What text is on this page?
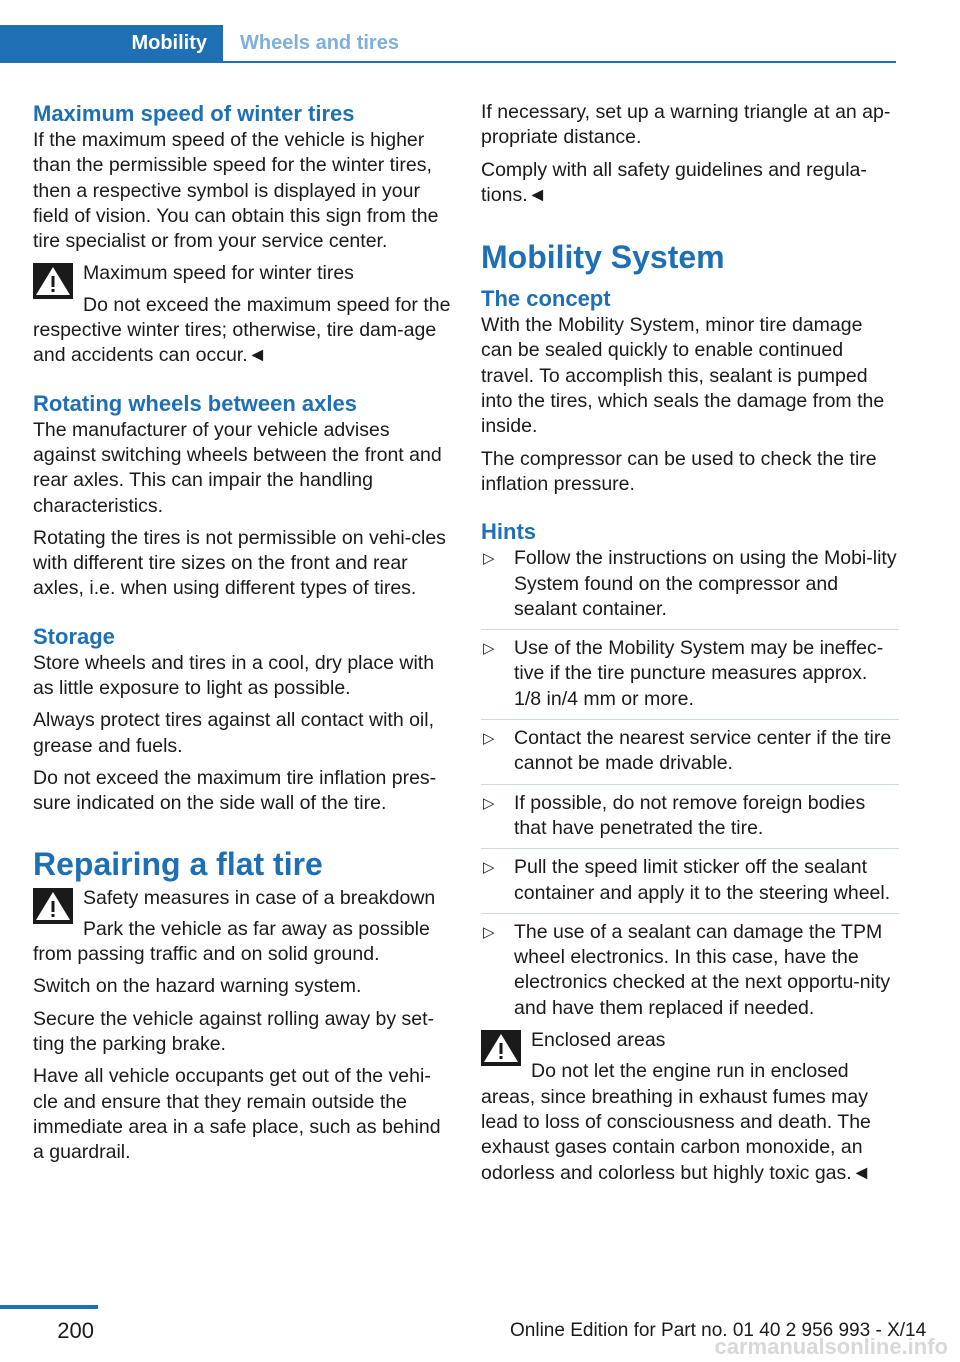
Mobility	Wheels and tires
Maximum speed of winter tires

If the maximum speed of the vehicle is higher than the permissible speed for the winter tires, then a respective symbol is displayed in your field of vision. You can obtain this sign from the tire specialist or from your service center.

Maximum speed for winter tires
Do not exceed the maximum speed for the respective winter tires; otherwise, tire dam-age and accidents can occur.◄
Rotating wheels between axles

The manufacturer of your vehicle advises against switching wheels between the front and rear axles. This can impair the handling characteristics.

Rotating the tires is not permissible on vehi-cles with different tire sizes on the front and rear axles, i.e. when using different types of tires.

Storage

Store wheels and tires in a cool, dry place with as little exposure to light as possible.

Always protect tires against all contact with oil, grease and fuels.

Do not exceed the maximum tire inflation pres-sure indicated on the side wall of the tire.

Repairing a flat tire
Safety measures in case of a breakdown
Park the vehicle as far away as possible from passing traffic and on solid ground.

Switch on the hazard warning system.

Secure the vehicle against rolling away by set-ting the parking brake.

Have all vehicle occupants get out of the vehi-cle and ensure that they remain outside the immediate area in a safe place, such as behind a guardrail.

If necessary, set up a warning triangle at an ap-propriate distance.

Comply with all safety guidelines and regula-tions.◄

Mobility System
The concept

With the Mobility System, minor tire damage can be sealed quickly to enable continued travel. To accomplish this, sealant is pumped into the tires, which seals the damage from the inside.

The compressor can be used to check the tire inflation pressure.

Hints
▷ Follow the instructions on using the Mobi-lity System found on the compressor and sealant container.
▷ Use of the Mobility System may be ineffec-tive if the tire puncture measures approx. 1/8 in/4 mm or more.
▷ Contact the nearest service center if the tire cannot be made drivable.
▷ If possible, do not remove foreign bodies that have penetrated the tire.
▷ Pull the speed limit sticker off the sealant container and apply it to the steering wheel.
▷ The use of a sealant can damage the TPM wheel electronics. In this case, have the electronics checked at the next opportu-nity and have them replaced if needed.
Enclosed areas
Do not let the engine run in enclosed areas, since breathing in exhaust fumes may lead to loss of consciousness and death. The exhaust gases contain carbon monoxide, an odorless and colorless but highly toxic gas.◄
200	Online Edition for Part no. 01 40 2 956 993 - X/14
carmanualsonline.info
